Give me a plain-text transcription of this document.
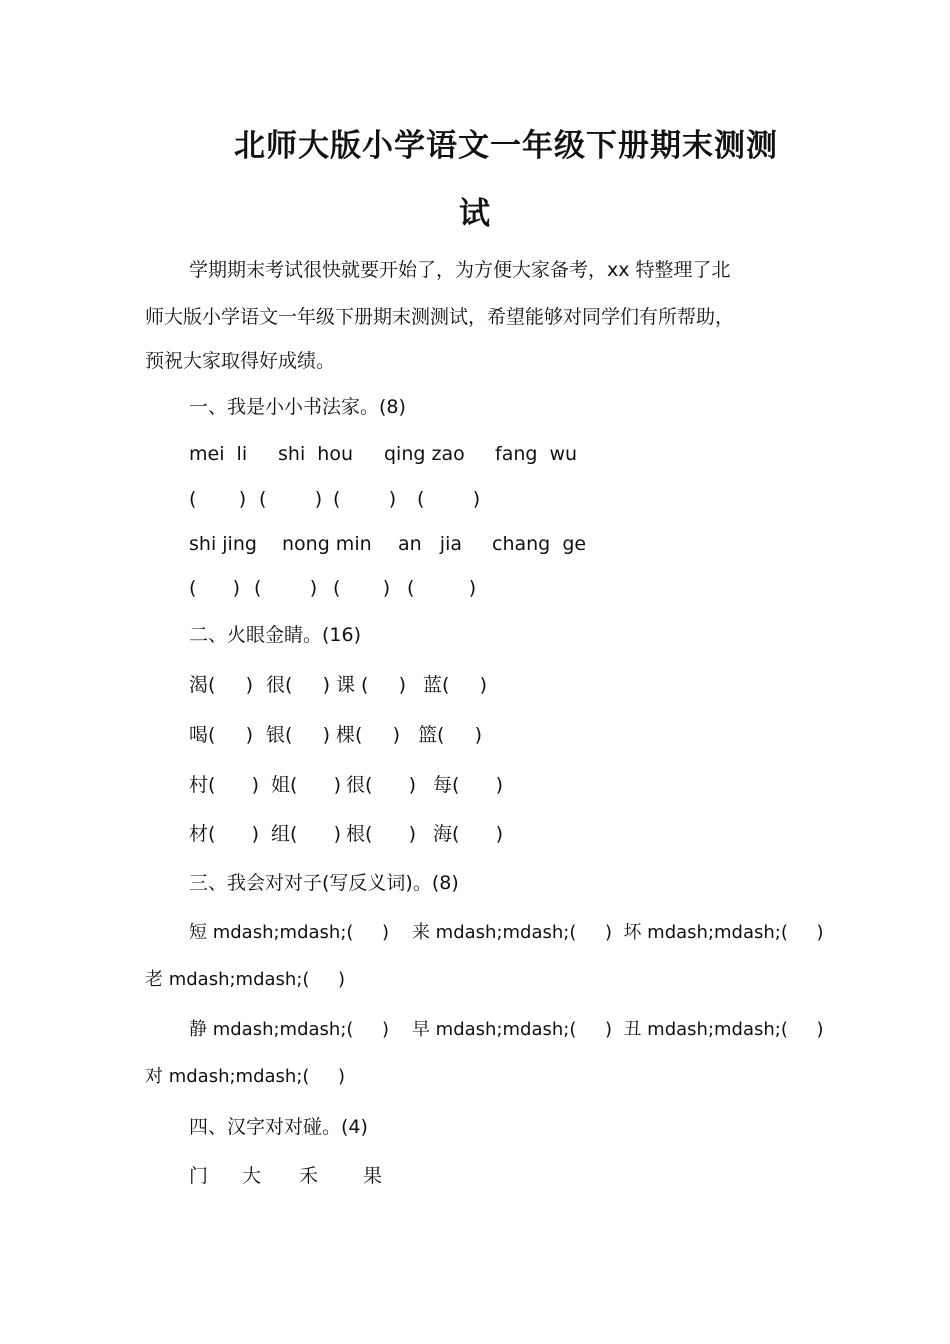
北师大版小学语文一年级下册期末测测
试
学期期末考试很快就要开始了，为方便大家备考，xx 特整理了北
师大版小学语文一年级下册期末测测试，希望能够对同学们有所帮助，
预祝大家取得好成绩。
一、我是小小书法家。(8)
mei  li shi  hou qing zao fang  wu
(       ) (        ) (        ) (        )
shi jing nong min an   jia chang  ge
(      ) (        ) (       ) (         )
二、火眼金睛。(16)
渴(     ) 很(     ) 课 (     ) 蓝(     )
喝(     ) 银(     ) 棵(     ) 篮(     )
村(      ) 姐(      ) 很(      ) 每(      )
材(      ) 组(      ) 根(      ) 海(      )
三、我会对对子(写反义词)。(8)
短 mdash;mdash;(     )    来 mdash;mdash;(     )  坏 mdash;mdash;(     )
老 mdash;mdash;(     )
静 mdash;mdash;(     )    早 mdash;mdash;(     )  丑 mdash;mdash;(     )
对 mdash;mdash;(     )
四、汉字对对碰。(4)
门 大 禾 果
